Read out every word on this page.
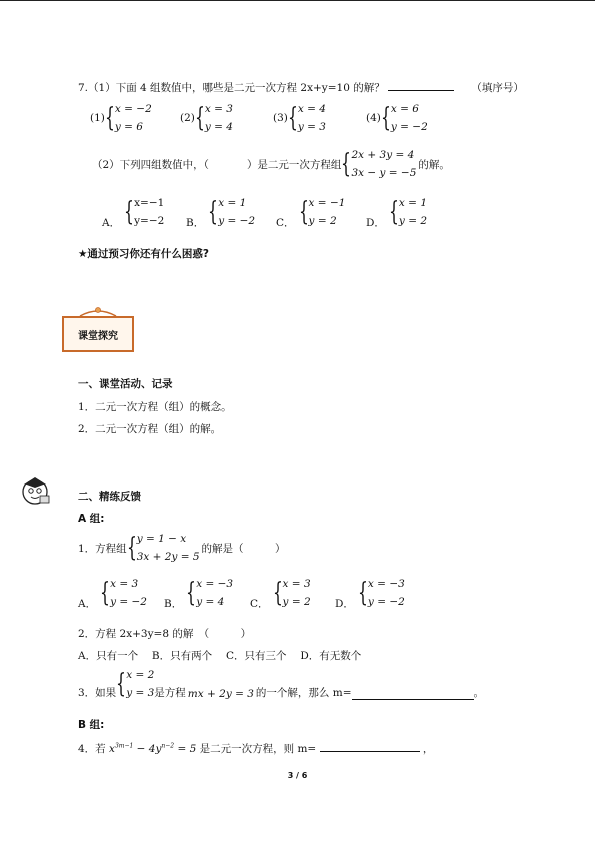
7.（1）下面 4 组数值中，哪些是二元一次方程 2x+y=10 的解？	（填序号）
(1) { x = −2
y = 6
(2) { x = 3
y = 4
(3) { x = 4
y = 3
(4) { x = 6
y = −2
（2）下列四组数值中，（	）是二元一次方程组 { 2x + 3y = 4
3x − y = −5
的解。
A． { x=−1
y=−2 B． { x = 1
y = −2 C． { x = −1
y = 2	D． { x = 1
y = 2
★通过预习你还有什么困惑?
课堂探究
一、课堂活动、记录
1．二元一次方程（组）的概念。
2．二元一次方程（组）的解。
二、精练反馈
A 组:
1．方程组 { y = 1 − x
3x + 2y = 5
的解是（　　　）
A． { x = 3
y = −2 B． { x = −3
y = 4	C． { x = 3
y = 2 D． { x = −3
y = −2
2．方程 2x+3y=8 的解　（　　　）
A．只有一个　 B．只有两个　 C．只有三个　 D．有无数个
3．如果 { x = 2
y = 3 是方程 mx + 2y = 3 的一个解，那么 m=	。
B 组:
4．若 $x^{3m-1} - 4y^{n-2} = 5$ 是二元一次方程，则 m=	，
3 / 6
